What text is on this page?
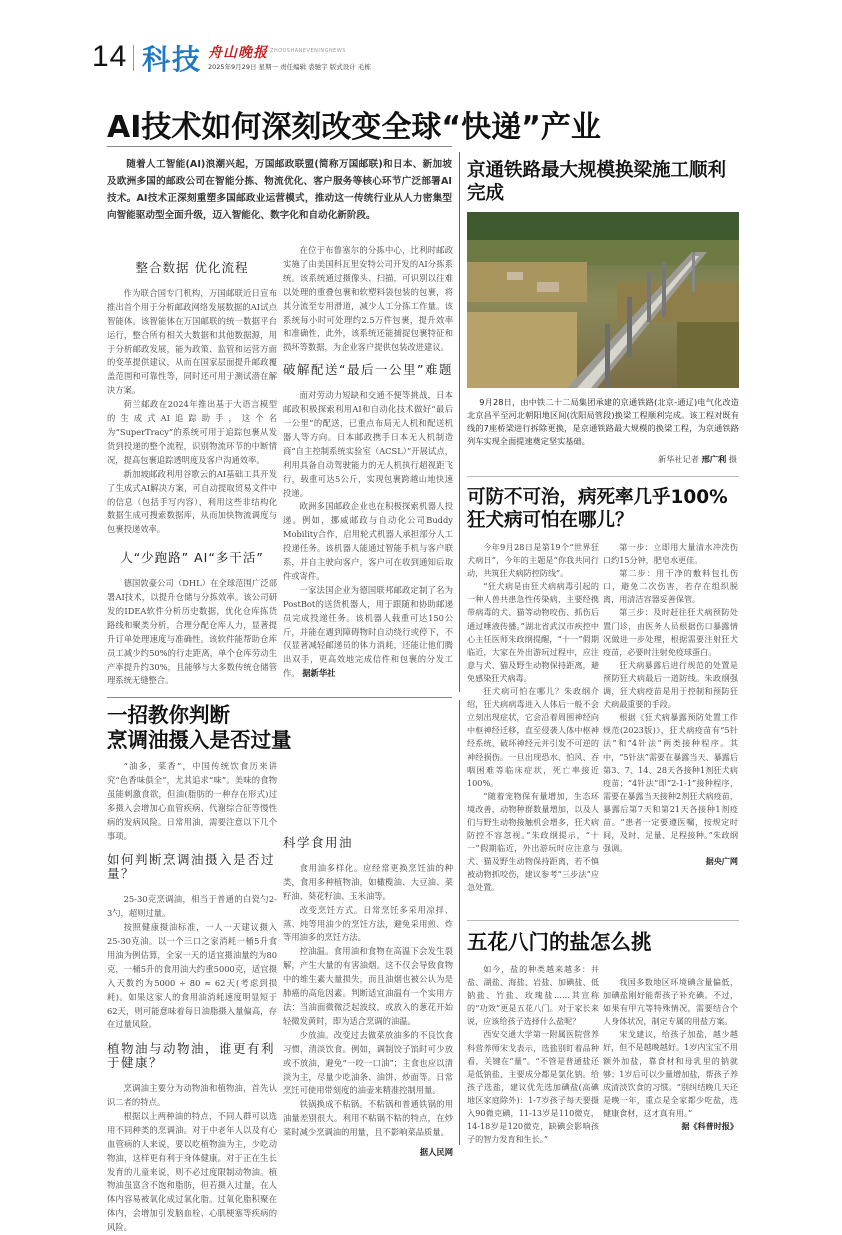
14 科技 舟山晚报 ZHOUSHANEVENINGNEWS
2025年9月29日 星期一 责任编辑 裘驰宇 版式设计 毛栋
AI技术如何深刻改变全球“快递”产业
随着人工智能(AI)浪潮兴起，万国邮政联盟(简称万国邮联)和日本、新加坡及欧洲多国的邮政公司在智能分拣、物流优化、客户服务等核心环节广泛部署AI技术。AI技术正深刻重塑多国邮政业运营模式，推动这一传统行业从人力密集型向智能驱动型全面升级，迈入智能化、数字化和自动化新阶段。
整合数据 优化流程

作为联合国专门机构，万国邮联近日宣布推出首个用于分析邮政网络发展数据的AI试点智能体。该智能体在万国邮联的统一数据平台运行，整合所有相关大数据和其他数据源，用于分析邮政发展，能为政策、监管和运营方面的变革提供建议，从而在国家层面提升邮政覆盖范围和可靠性等，同时还可用于测试潜在解决方案。

荷兰邮政在2024年推出基于大语言模型的生成式AI追踪助手，这个名为“SuperTracy”的系统可用于追踪包裹从发货到投递的整个流程，识别物流环节的中断情况，提高包裹追踪透明度及客户沟通效率。

新加坡邮政利用谷歌云的AI基础工具开发了生成式AI解决方案，可自动提取贸易文件中的信息（包括手写内容），利用这些非结构化数据生成可搜索数据库，从而加快物流调度与包裹投递效率。

人“少跑路” AI“多干活”

德国敦豪公司（DHL）在全球范围广泛部署AI技术，以提升仓储与分拣效率。该公司研发的IDEA软件分析历史数据，优化仓库拣货路线和聚类分析，合理分配仓库人力，显著提升订单处理速度与准确性。该软件能帮助仓库员工减少约50%的行走距离，单个仓库劳动生产率提升约30%，且能够与大多数传统仓储管理系统无缝整合。

在位于布鲁塞尔的分拣中心，比利时邮政实施了由美国科瓦里安特公司开发的AI分拣系统。该系统通过摄像头、扫描，可识别以往难以处理的重叠包裹和软塑料袋包装的包裹，将其分流至专用滑道，减少人工分拣工作量。该系统每小时可处理约2.5万件包裹，提升效率和准确性，此外，该系统还能捕捉包裹特征和损坏等数据，为企业客户提供包装改进建议。

破解配送“最后一公里”难题

面对劳动力短缺和交通不便等挑战，日本邮政积极探索利用AI和自动化技术做好“最后一公里”的配送，已重点布局无人机和配送机器人等方向。日本邮政携手日本无人机制造商“自主控制系统实验室（ACSL）”开展试点，利用具备自动驾驶能力的无人机执行超视距飞行，载重可达5公斤，实现包裹跨越山地快速投递。

欧洲多国邮政企业也在积极探索机器人投递。例如，挪威邮政与自动化公司Buddy Mobility合作，启用轮式机器人承担部分人工投递任务。该机器人能通过智能手机与客户联系，并自主驶向客户，客户可在收到通知后取件或寄件。

一家法国企业为德国联邦邮政定制了名为PostBot的送货机器人，用于跟随和协助邮递员完成投递任务。该机器人载重可达150公斤，并能在遇到障碍物时自动绕行或停下，不仅显著减轻邮递员的体力消耗，还能让他们腾出双手，更高效地完成信件和包裹的分发工作。 据新华社

京通铁路最大规模换梁施工顺利完成
9月28日，由中铁二十二局集团承建的京通铁路(北京-通辽)电气化改造北京昌平至河北朝阳地区间(沈阳局管段)换梁工程顺利完成。该工程对既有线的7座桥梁进行拆除更换，是京通铁路最大规模的换梁工程，为京通铁路列车实现全面提速奠定坚实基础。
新华社记者 邢广利 摄
可防不可治，病死率几乎100%
狂犬病可怕在哪儿？

今年9月28日是第19个“世界狂犬病日”，今年的主题是“你我共同行动，共筑狂犬病防控防线”。

“狂犬病是由狂犬病病毒引起的一种人兽共患急性传染病，主要经携带病毒的犬、猫等动物咬伤、抓伤后通过唾液传播。”湖北省武汉市疾控中心主任医师朱政纲提醒，“十一”假期临近，大家在外出游玩过程中，应注意与犬、猫及野生动物保持距离，避免感染狂犬病毒。

狂犬病可怕在哪儿？朱政纲介绍，狂犬病病毒进入人体后一般不会立刻出现症状，它会沿着周围神经向中枢神经迁移，直至侵袭人体中枢神经系统，破坏神经元并引发不可逆的神经损伤。一旦出现恐水、怕风、吞咽困难等临床症状，死亡率接近100%。

“随着宠物保有量增加，生态环境改善，动物种群数量增加，以及人们与野生动物接触机会增多，狂犬病防控不容忽视。”朱政纲提示，“十一”假期临近，外出游玩时应注意与犬、猫及野生动物保持距离，若不慎被动物抓咬伤，建议参考“三步法”应急处置。

第一步：立即用大量清水冲洗伤口约15分钟，肥皂水更佳。

第二步：用干净的敷料包扎伤口，避免二次伤害，若存在组织脱离，用清洁容器妥善保管。

第三步：及时赶往狂犬病预防处置门诊，由医务人员根据伤口暴露情况做进一步处理，根据需要注射狂犬疫苗，必要时注射免疫球蛋白。

狂犬病暴露后进行规范的处置是预防狂犬病最后一道防线。朱政纲强调，狂犬病疫苗是用于控制和预防狂犬病最重要的手段。

根据《狂犬病暴露预防处置工作规范(2023版)》，狂犬病疫苗有“5针法”和“4针法”两类接种程序。其中，“5针法”需要在暴露当天、暴露后第3、7、14、28天各接种1剂狂犬病疫苗；“4针法”即“2-1-1”接种程序，需要在暴露当天接种2剂狂犬病疫苗，暴露后第7天和第21天各接种1剂疫苗。“患者一定要遵医嘱，按规定时间，及时、足量、足程接种。”朱政纲强调。

据央广网
一招教你判断
烹调油摄入是否过量

“油多，菜香”，中国传统饮食历来讲究“色香味俱全”，尤其追求“味”。美味的食物虽能刺激食欲，但油(脂肪的一种存在形式)过多摄入会增加心血管疾病、代谢综合征等慢性病的发病风险。日常用油，需要注意以下几个事项。

如何判断烹调油摄入是否过量？

25-30克烹调油，相当于普通的白瓷勺2-3勺，超则过量。

按照健康摄油标准，一人一天建议摄入25-30克油。以一个三口之家消耗一桶5升食用油为例估算，全家一天的适宜摄油量约为80克，一桶5升的食用油大约重5000克，适宜摄入天数约为5000 ÷ 80 ≈ 62天(考虑到损耗)。如果这家人的食用油消耗速度明显短于62天，则可能意味着每日油脂摄入量偏高，存在过量风险。

植物油与动物油，谁更有利于健康？

烹调油主要分为动物油和植物油，首先认识二者的特点。

根据以上两种油的特点，不同人群可以选用不同种类的烹调油。对于中老年人以及有心血管病的人来说，要以吃植物油为主，少吃动物油，这样更有利于身体健康。对于正在生长发育的儿童来说，则不必过度限制动物油。植物油虽富含不饱和脂肪，但若摄入过量，在人体内容易被氧化成过氧化脂。过氧化脂积聚在体内，会增加引发脑血栓、心肌梗塞等疾病的风险。

科学食用油

食用油多样化。应经常更换烹饪油的种类，食用多种植物油，如橄榄油、大豆油、菜籽油、葵花籽油、玉米油等。

改变烹饪方式。日常烹饪多采用凉拌、蒸、炖等用油少的烹饪方法，避免采用煎、炸等用油多的烹饪方法。

控油温。食用油和食物在高温下会发生裂解，产生大量的有害油烟。这不仅会导致食物中的维生素大量损失，而且油烟也被公认为是肺癌的高危因素。判断适宜油温有一个实用方法：当油面微微泛起波纹，或放入的葱花开始轻微发黄时，即为适合烹调的油温。

少放油。改变过去做菜放油多的不良饮食习惯，清淡饮食。例如，调制饺子馅时可少放或不放油，避免“一咬一口油”；主食也应以清淡为主，尽量少吃油条、油饼、炒面等。日常烹饪可使用带刻度的油壶来精准控制用量。

铁锅换成不粘锅。不粘锅和普通铁锅的用油量差别很大。利用不粘锅不粘的特点，在炒菜时减少烹调油的用量，且不影响菜品质量。

据人民网
五花八门的盐怎么挑

如今，盐的种类越来越多：井盐、湖盐、海盐、岩盐、加碘盐、低钠盐、竹盐、玫瑰盐……其宣称的“功效”更是五花八门。对于家长来说，应该给孩子选择什么盐呢？

西安交通大学第一附属医院营养科营养师宋戈表示，选盐别盯着品种看，关键在“量”。“不管是普通盐还是低钠盐，主要成分都是氯化钠。给孩子选盐，建议优先选加碘盐(高碘地区家庭除外)：1-7岁孩子每天要摄入90微克碘，11-13岁是110微克，14-18岁是120微克，缺碘会影响孩子的智力发育和生长。”

我国多数地区环境碘含量偏低，加碘盐刚好能帮孩子补充碘。不过，如果有甲亢等特殊情况，需要结合个人身体状况，制定专属的用盐方案。

宋戈建议，给孩子加盐，越少越好，但不是越晚越好。1岁内宝宝不用额外加盐，靠食材和母乳里的钠就够；1岁后可以少量增加盐，帮孩子养成清淡饮食的习惯。“别纠结晚几天还是晚一年，重点是全家都少吃盐，选健康食材，这才真有用。”

据《科普时报》
